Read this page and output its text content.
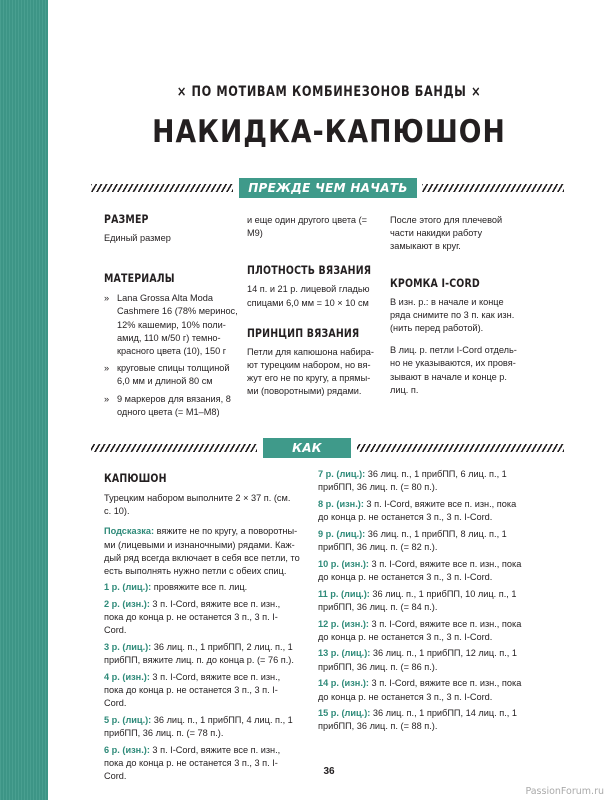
× ПО МОТИВАМ КОМБИНЕЗОНОВ БАНДЫ ×
НАКИДКА-КАПЮШОН
ПРЕЖДЕ ЧЕМ НАЧАТЬ
РАЗМЕР
Единый размер
МАТЕРИАЛЫ
» Lana Grossa Alta Moda Cashmere 16 (78% меринос, 12% кашемир, 10% полиамид, 110 м/50 г) темно-красного цвета (10), 150 г
» круговые спицы толщиной 6,0 мм и длиной 80 см
» 9 маркеров для вязания, 8 одного цвета (= M1–M8)
и еще один другого цвета (= M9)
ПЛОТНОСТЬ ВЯЗАНИЯ
14 п. и 21 р. лицевой гладью спицами 6,0 мм = 10 × 10 см
ПРИНЦИП ВЯЗАНИЯ
Петли для капюшона набирают турецким набором, но вяжут его не по кругу, а прямыми (поворотными) рядами.
После этого для плечевой части накидки работу замыкают в круг.
КРОМКА I-CORD
В изн. р.: в начале и конце ряда снимите по 3 п. как изн. (нить перед работой).
В лиц. р. петли I-Cord отдельно не указываются, их провязывают в начале и конце р. лиц. п.
КАК ВЯЗАТЬ
КАПЮШОН
Турецким набором выполните 2 × 37 п. (см. с. 10).
Подсказка: вяжите не по кругу, а поворотными (лицевыми и изнаночными) рядами. Каждый ряд всегда включает в себя все петли, то есть выполнять нужно петли с обеих спиц.
1 р. (лиц.): провяжите все п. лиц.
2 р. (изн.): 3 п. I-Cord, вяжите все п. изн., пока до конца р. не останется 3 п., 3 п. I-Cord.
3 р. (лиц.): 36 лиц. п., 1 прибПП, 2 лиц. п., 1 прибПП, вяжите лиц. п. до конца р. (= 76 п.).
4 р. (изн.): 3 п. I-Cord, вяжите все п. изн., пока до конца р. не останется 3 п., 3 п. I-Cord.
5 р. (лиц.): 36 лиц. п., 1 прибПП, 4 лиц. п., 1 прибПП, 36 лиц. п. (= 78 п.).
6 р. (изн.): 3 п. I-Cord, вяжите все п. изн., пока до конца р. не останется 3 п., 3 п. I-Cord.
7 р. (лиц.): 36 лиц. п., 1 прибПП, 6 лиц. п., 1 прибПП, 36 лиц. п. (= 80 п.).
8 р. (изн.): 3 п. I-Cord, вяжите все п. изн., пока до конца р. не останется 3 п., 3 п. I-Cord.
9 р. (лиц.): 36 лиц. п., 1 прибПП, 8 лиц. п., 1 прибПП, 36 лиц. п. (= 82 п.).
10 р. (изн.): 3 п. I-Cord, вяжите все п. изн., пока до конца р. не останется 3 п., 3 п. I-Cord.
11 р. (лиц.): 36 лиц. п., 1 прибПП, 10 лиц. п., 1 прибПП, 36 лиц. п. (= 84 п.).
12 р. (изн.): 3 п. I-Cord, вяжите все п. изн., пока до конца р. не останется 3 п., 3 п. I-Cord.
13 р. (лиц.): 36 лиц. п., 1 прибПП, 12 лиц. п., 1 прибПП, 36 лиц. п. (= 86 п.).
14 р. (изн.): 3 п. I-Cord, вяжите все п. изн., пока до конца р. не останется 3 п., 3 п. I-Cord.
15 р. (лиц.): 36 лиц. п., 1 прибПП, 14 лиц. п., 1 прибПП, 36 лиц. п. (= 88 п.).
36
PassionForum.ru
